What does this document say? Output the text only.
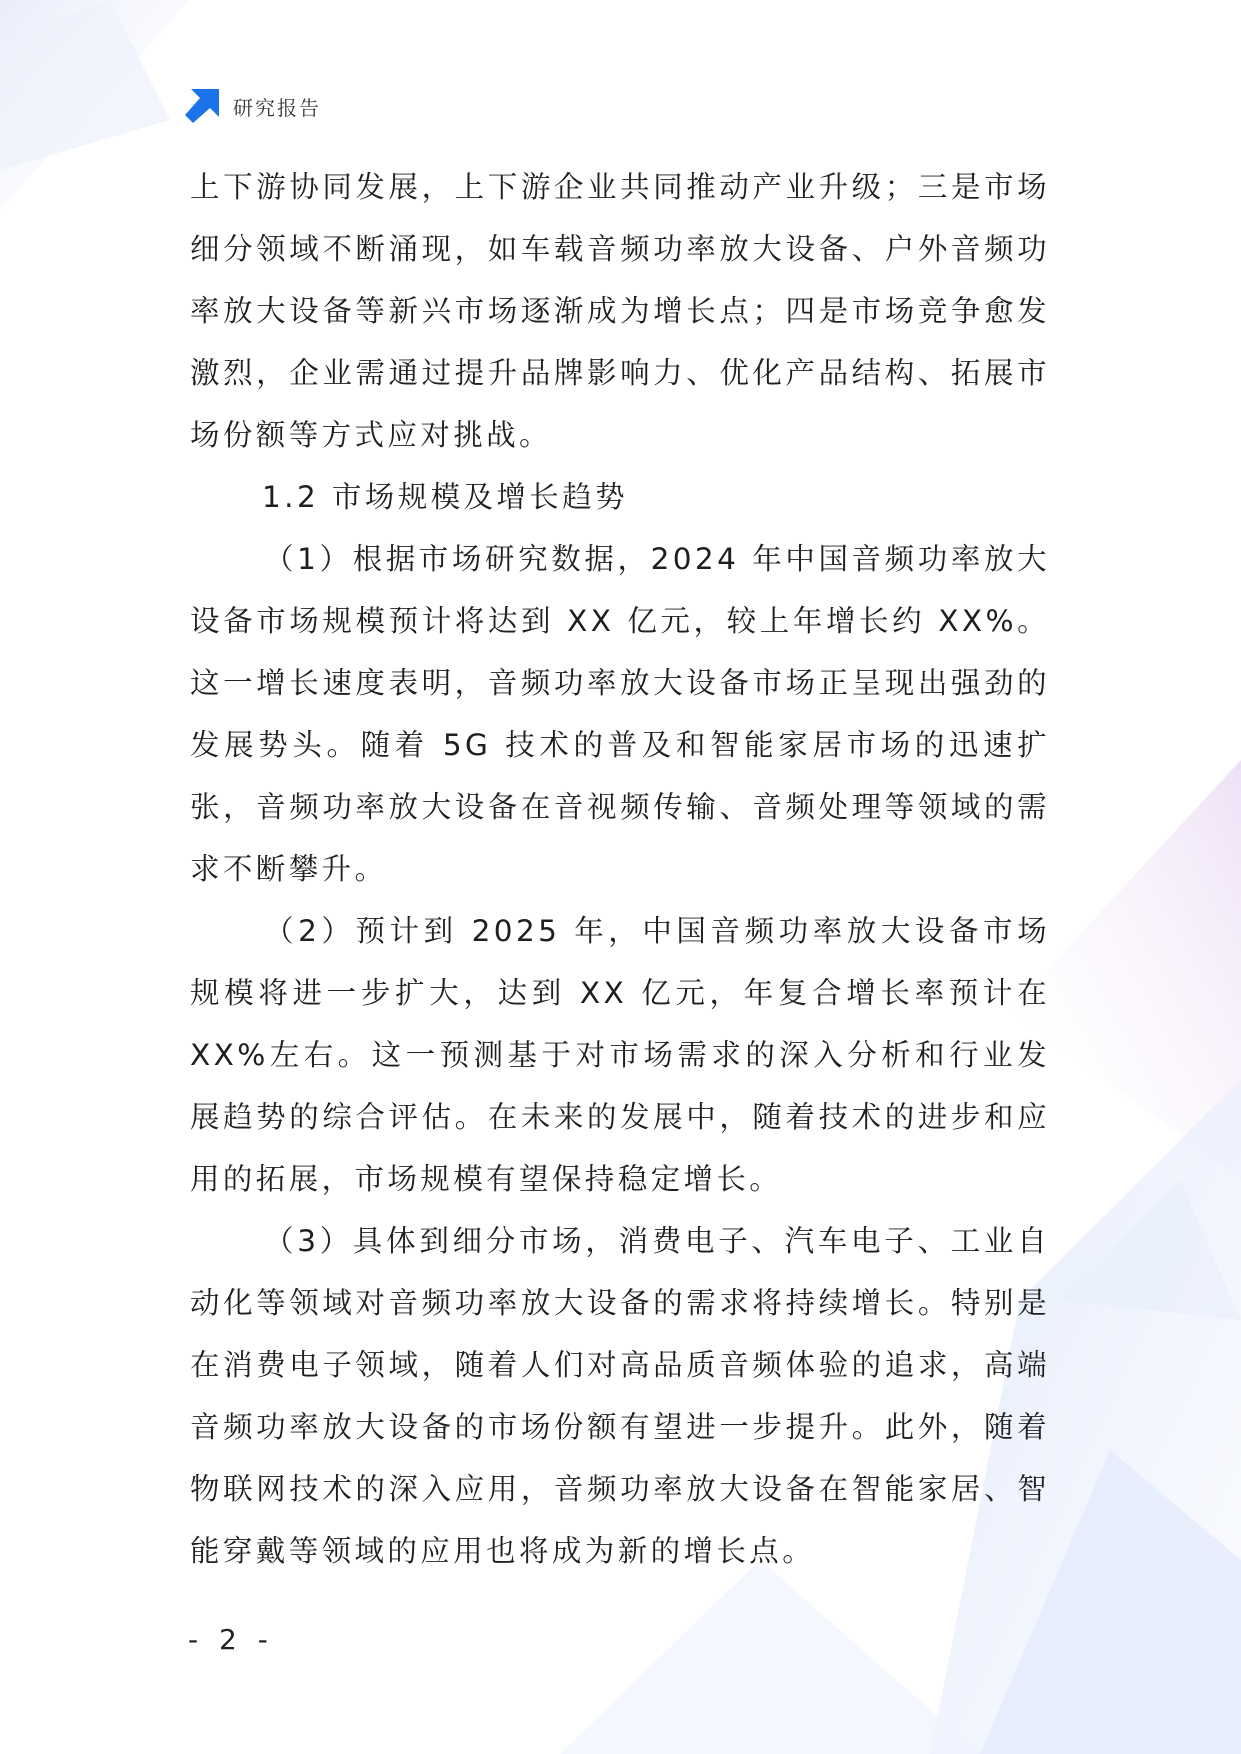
研究报告

上下游协同发展，上下游企业共同推动产业升级；三是市场细分领域不断涌现，如车载音频功率放大设备、户外音频功率放大设备等新兴市场逐渐成为增长点；四是市场竞争愈发激烈，企业需通过提升品牌影响力、优化产品结构、拓展市场份额等方式应对挑战。

1.2 市场规模及增长趋势

（1）根据市场研究数据，2024 年中国音频功率放大设备市场规模预计将达到 XX 亿元，较上年增长约 XX%。这一增长速度表明，音频功率放大设备市场正呈现出强劲的发展势头。随着 5G 技术的普及和智能家居市场的迅速扩张，音频功率放大设备在音视频传输、音频处理等领域的需求不断攀升。

（2）预计到 2025 年，中国音频功率放大设备市场规模将进一步扩大，达到 XX 亿元，年复合增长率预计在 XX%左右。这一预测基于对市场需求的深入分析和行业发展趋势的综合评估。在未来的发展中，随着技术的进步和应用的拓展，市场规模有望保持稳定增长。

（3）具体到细分市场，消费电子、汽车电子、工业自动化等领域对音频功率放大设备的需求将持续增长。特别是在消费电子领域，随着人们对高品质音频体验的追求，高端音频功率放大设备的市场份额有望进一步提升。此外，随着物联网技术的深入应用，音频功率放大设备在智能家居、智能穿戴等领域的应用也将成为新的增长点。

- 2 -
